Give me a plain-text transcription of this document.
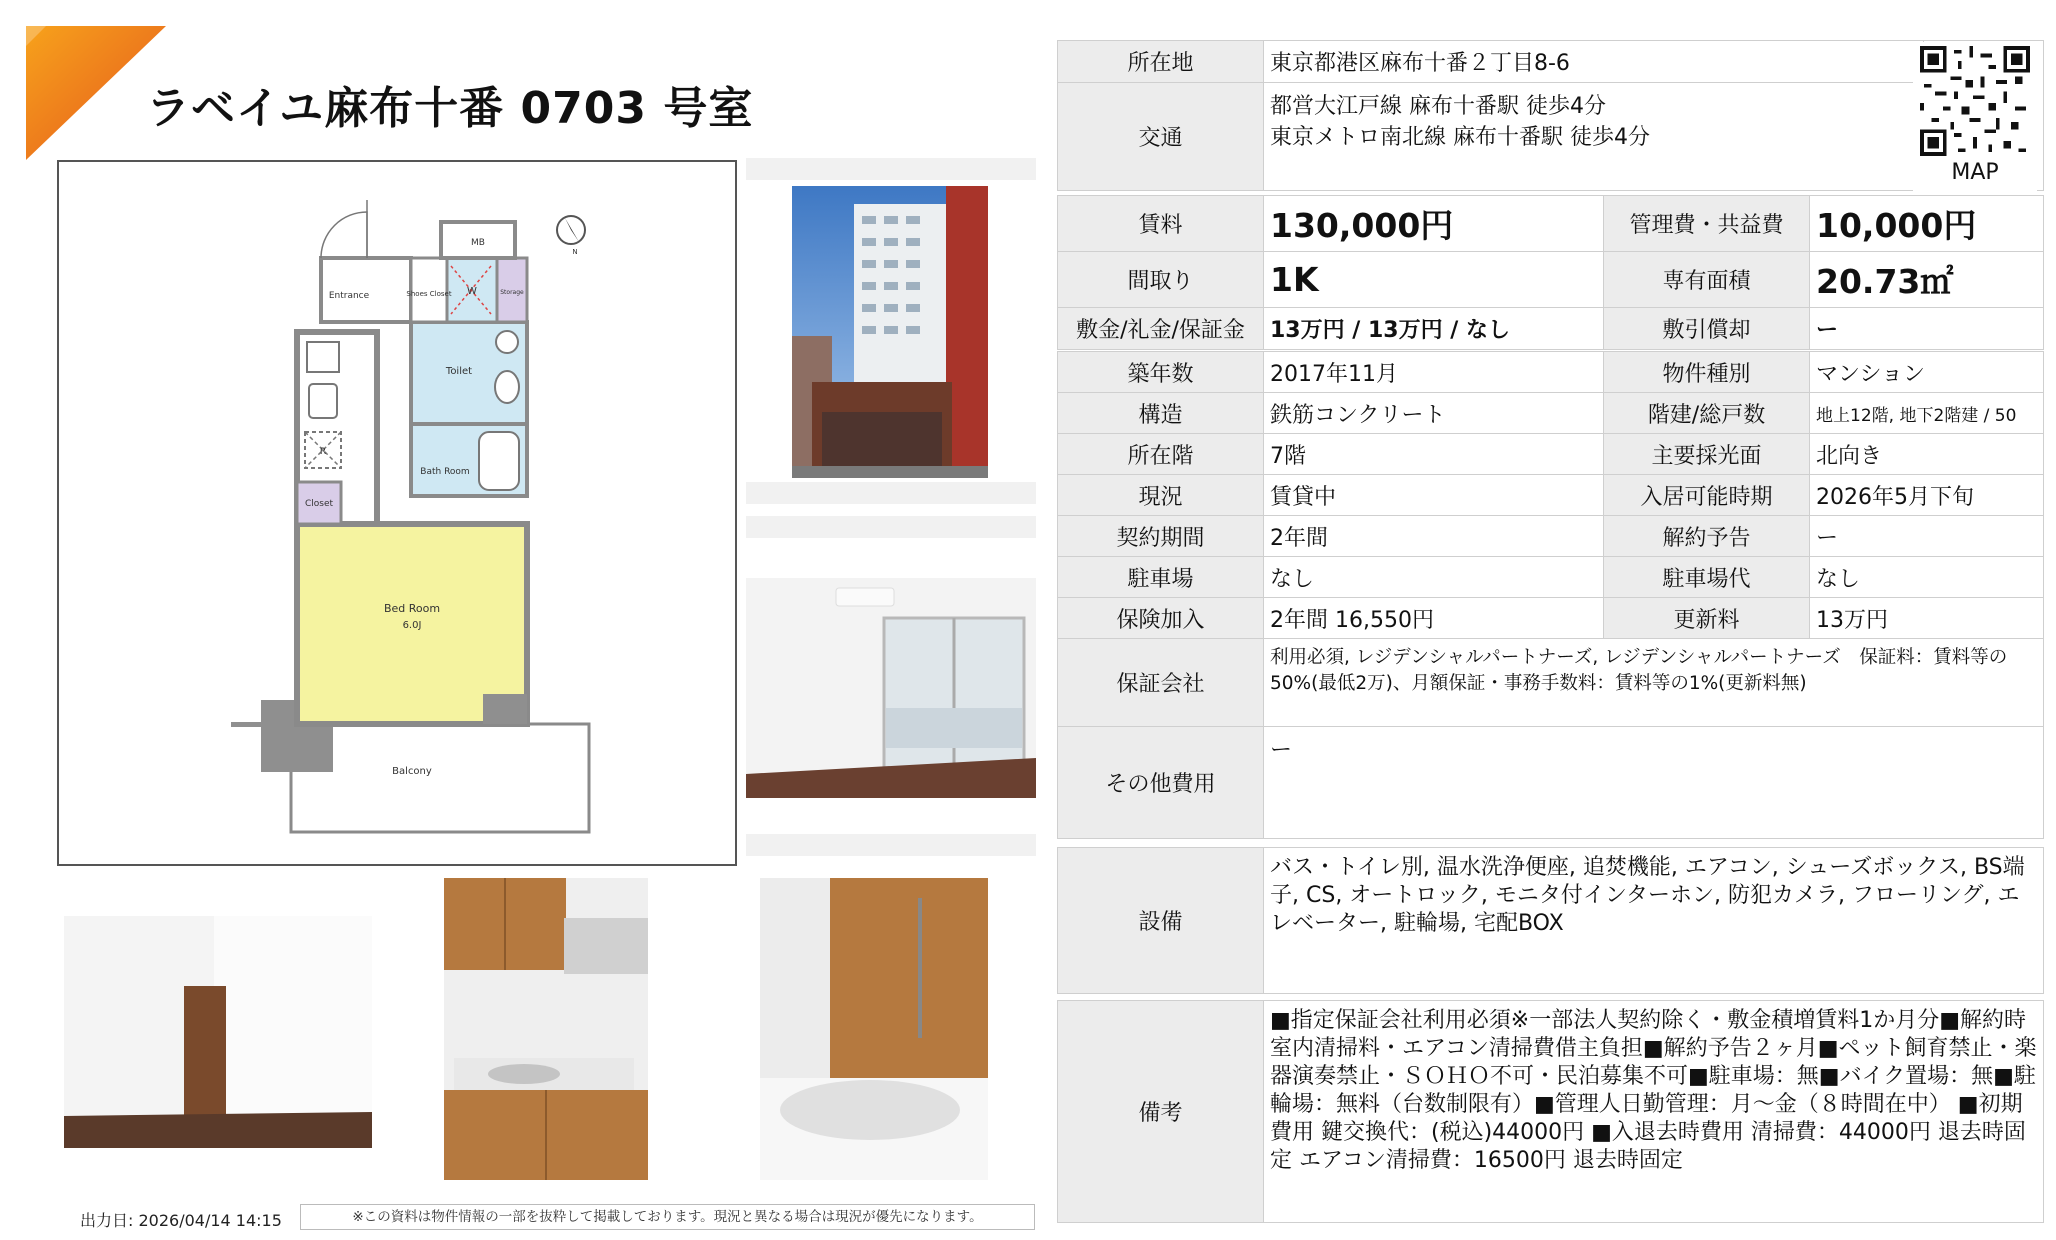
ラベイユ麻布十番 0703 号室
MB
Entrance	Shoes Closet W	Storage
Toilet
R
Bath Room
Closet
Bed Room
6.0J
Balcony
N
出力日: 2026/04/14 14:15	※この資料は物件情報の一部を抜粋して掲載しております。現況と異なる場合は現況が優先になります。
所在地	東京都港区麻布十番２丁目8-6	
交通	都営大江戸線 麻布十番駅 徒歩4分
東京メトロ南北線 麻布十番駅 徒歩4分	
MAP
賃料	130,000円	管理費・共益費	10,000円
間取り	1K	専有面積	20.73㎡
敷金/礼金/保証金	13万円 / 13万円 / なし	敷引償却	ー
築年数	2017年11月	物件種別	マンション
構造	鉄筋コンクリート	階建/総戸数	地上12階, 地下2階建 / 50
所在階	7階	主要採光面	北向き
現況	賃貸中	入居可能時期	2026年5月下旬
契約期間	2年間	解約予告	ー
駐車場	なし	駐車場代	なし
保険加入	2年間 16,550円	更新料	13万円
保証会社	利用必須, レジデンシャルパートナーズ, レジデンシャルパートナーズ　保証料：賃料等の50%(最低2万)、月額保証・事務手数料：賃料等の1%(更新料無)		
その他費用	ー		
設備	バス・トイレ別, 温水洗浄便座, 追焚機能, エアコン, シューズボックス, BS端子, CS, オートロック, モニタ付インターホン, 防犯カメラ, フローリング, エレベーター, 駐輪場, 宅配BOX
備考	■指定保証会社利用必須※一部法人契約除く・敷金積増賃料1か月分■解約時室内清掃料・エアコン清掃費借主負担■解約予告２ヶ月■ペット飼育禁止・楽器演奏禁止・ＳＯＨＯ不可・民泊募集不可■駐車場：無■バイク置場：無■駐輪場：無料（台数制限有）■管理人日勤管理：月〜金（８時間在中） ■初期費用 鍵交換代：(税込)44000円 ■入退去時費用 清掃費：44000円 退去時固定 エアコン清掃費：16500円 退去時固定
